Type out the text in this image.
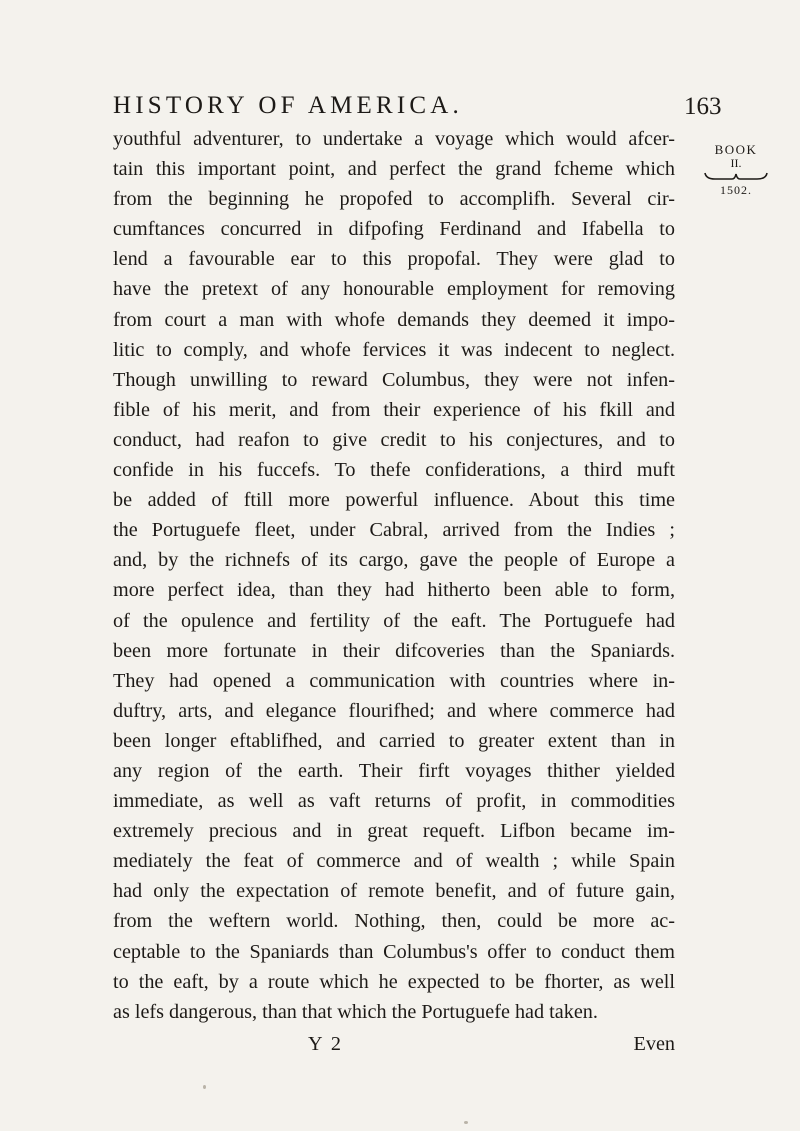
HISTORY OF AMERICA.	163
BOOK
II.
1502.
youthful adventurer, to undertake a voyage which would afcer-
tain this important point, and perfect the grand fcheme which
from the beginning he propofed to accomplifh. Several cir-
cumftances concurred in difpofing Ferdinand and Ifabella to
lend a favourable ear to this propofal. They were glad to
have the pretext of any honourable employment for removing
from court a man with whofe demands they deemed it impo-
litic to comply, and whofe fervices it was indecent to neglect.
Though unwilling to reward Columbus, they were not infen-
fible of his merit, and from their experience of his fkill and
conduct, had reafon to give credit to his conjectures, and to
confide in his fuccefs. To thefe confiderations, a third muft
be added of ftill more powerful influence. About this time
the Portuguefe fleet, under Cabral, arrived from the Indies ;
and, by the richnefs of its cargo, gave the people of Europe a
more perfect idea, than they had hitherto been able to form,
of the opulence and fertility of the eaft. The Portuguefe had
been more fortunate in their difcoveries than the Spaniards.
They had opened a communication with countries where in-
duftry, arts, and elegance flourifhed; and where commerce had
been longer eftablifhed, and carried to greater extent than in
any region of the earth. Their firft voyages thither yielded
immediate, as well as vaft returns of profit, in commodities
extremely precious and in great requeft. Lifbon became im-
mediately the feat of commerce and of wealth ; while Spain
had only the expectation of remote benefit, and of future gain,
from the weftern world. Nothing, then, could be more ac-
ceptable to the Spaniards than Columbus's offer to conduct them
to the eaft, by a route which he expected to be fhorter, as well
as lefs dangerous, than that which the Portuguefe had taken.
Y 2	Even
